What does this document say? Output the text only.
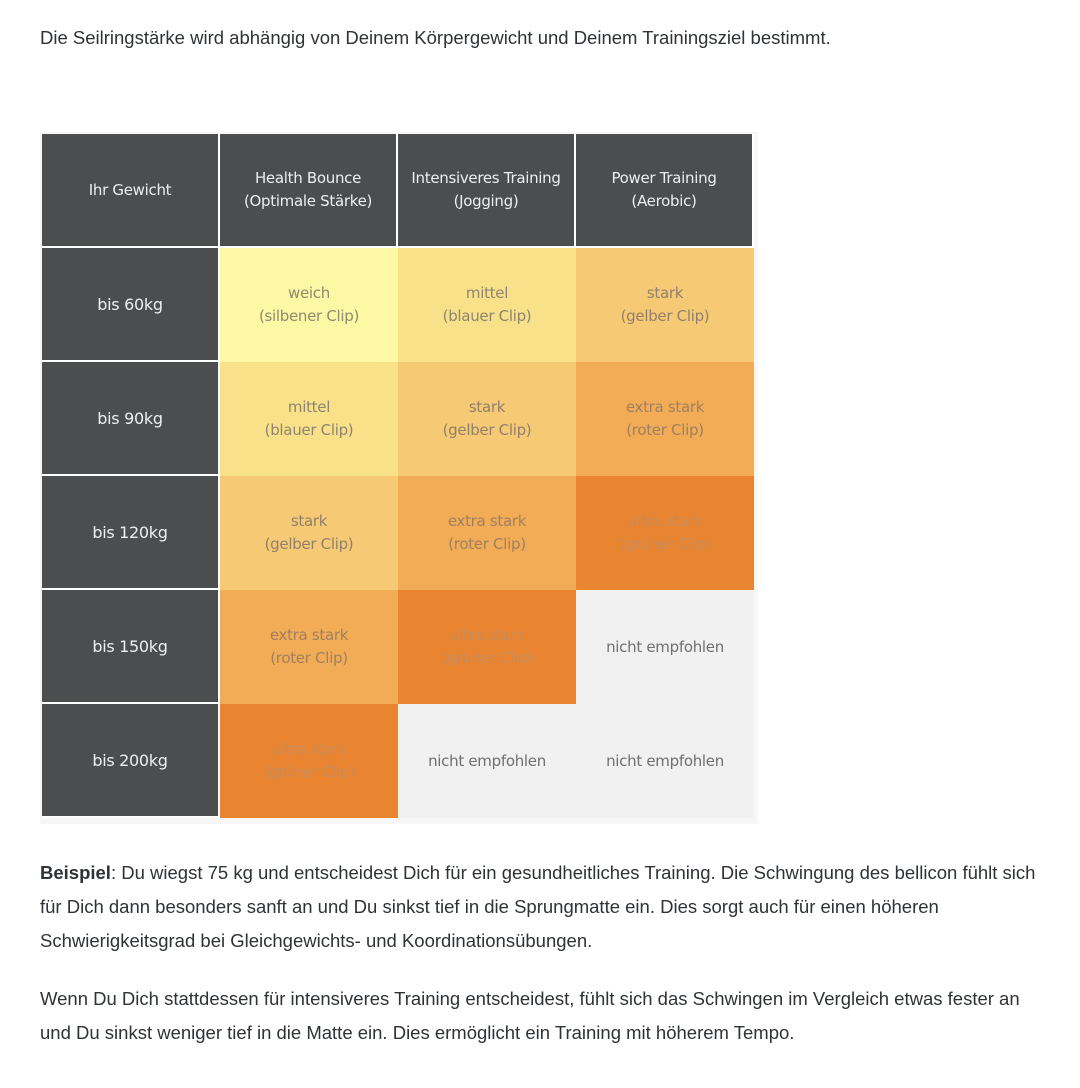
Die Seilringstärke wird abhängig von Deinem Körpergewicht und Deinem Trainingsziel bestimmt.

Ihr Gewicht
Health Bounce
(Optimale Stärke)
Intensiveres Training
(Jogging)
Power Training
(Aerobic)
bis 60kg
weich
(silbener Clip)
mittel
(blauer Clip)
stark
(gelber Clip)
bis 90kg
mittel
(blauer Clip)
stark
(gelber Clip)
extra stark
(roter Clip)
bis 120kg
stark
(gelber Clip)
extra stark
(roter Clip)
ultra stark
(grüner Clip)
bis 150kg
extra stark
(roter Clip)
ultra stark
(grüner Clip)
nicht empfohlen
bis 200kg
ultra stark
(grüner Clip)
nicht empfohlen	nicht empfohlen

Beispiel: Du wiegst 75 kg und entscheidest Dich für ein gesundheitliches Training. Die Schwingung des bellicon fühlt sich für Dich dann besonders sanft an und Du sinkst tief in die Sprungmatte ein. Dies sorgt auch für einen höheren Schwierigkeitsgrad bei Gleichgewichts- und Koordinationsübungen.

Wenn Du Dich stattdessen für intensiveres Training entscheidest, fühlt sich das Schwingen im Vergleich etwas fester an und Du sinkst weniger tief in die Matte ein. Dies ermöglicht ein Training mit höherem Tempo.
